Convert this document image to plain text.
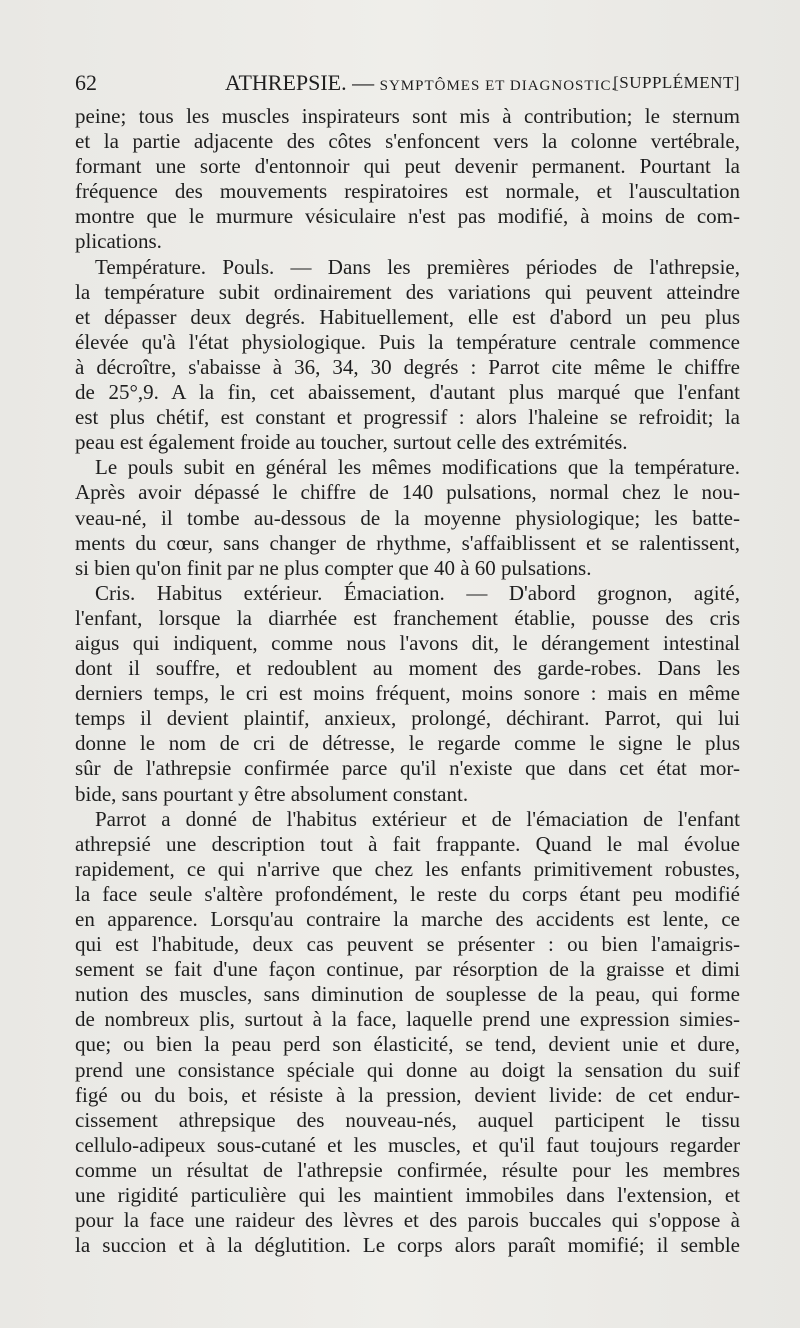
62	ATHREPSIE. — SYMPTÔMES ET DIAGNOSTIC.
[SUPPLÉMENT]
peine; tous les muscles inspirateurs sont mis à contribution; le sternum
et la partie adjacente des côtes s'enfoncent vers la colonne vertébrale,
formant une sorte d'entonnoir qui peut devenir permanent. Pourtant la
fréquence des mouvements respiratoires est normale, et l'auscultation
montre que le murmure vésiculaire n'est pas modifié, à moins de com-
plications.
Température. Pouls. — Dans les premières périodes de l'athrepsie,
la température subit ordinairement des variations qui peuvent atteindre
et dépasser deux degrés. Habituellement, elle est d'abord un peu plus
élevée qu'à l'état physiologique. Puis la température centrale commence
à décroître, s'abaisse à 36, 34, 30 degrés : Parrot cite même le chiffre
de 25°,9. A la fin, cet abaissement, d'autant plus marqué que l'enfant
est plus chétif, est constant et progressif : alors l'haleine se refroidit; la
peau est également froide au toucher, surtout celle des extrémités.
Le pouls subit en général les mêmes modifications que la température.
Après avoir dépassé le chiffre de 140 pulsations, normal chez le nou-
veau-né, il tombe au-dessous de la moyenne physiologique; les batte-
ments du cœur, sans changer de rhythme, s'affaiblissent et se ralentissent,
si bien qu'on finit par ne plus compter que 40 à 60 pulsations.
Cris. Habitus extérieur. Émaciation. — D'abord grognon, agité,
l'enfant, lorsque la diarrhée est franchement établie, pousse des cris
aigus qui indiquent, comme nous l'avons dit, le dérangement intestinal
dont il souffre, et redoublent au moment des garde-robes. Dans les
derniers temps, le cri est moins fréquent, moins sonore : mais en même
temps il devient plaintif, anxieux, prolongé, déchirant. Parrot, qui lui
donne le nom de cri de détresse, le regarde comme le signe le plus
sûr de l'athrepsie confirmée parce qu'il n'existe que dans cet état mor-
bide, sans pourtant y être absolument constant.
Parrot a donné de l'habitus extérieur et de l'émaciation de l'enfant
athrepsié une description tout à fait frappante. Quand le mal évolue
rapidement, ce qui n'arrive que chez les enfants primitivement robustes,
la face seule s'altère profondément, le reste du corps étant peu modifié
en apparence. Lorsqu'au contraire la marche des accidents est lente, ce
qui est l'habitude, deux cas peuvent se présenter : ou bien l'amaigris-
sement se fait d'une façon continue, par résorption de la graisse et dimi
nution des muscles, sans diminution de souplesse de la peau, qui forme
de nombreux plis, surtout à la face, laquelle prend une expression simies-
que; ou bien la peau perd son élasticité, se tend, devient unie et dure,
prend une consistance spéciale qui donne au doigt la sensation du suif
figé ou du bois, et résiste à la pression, devient livide: de cet endur-
cissement athrepsique des nouveau-nés, auquel participent le tissu
cellulo-adipeux sous-cutané et les muscles, et qu'il faut toujours regarder
comme un résultat de l'athrepsie confirmée, résulte pour les membres
une rigidité particulière qui les maintient immobiles dans l'extension, et
pour la face une raideur des lèvres et des parois buccales qui s'oppose à
la succion et à la déglutition. Le corps alors paraît momifié; il semble
